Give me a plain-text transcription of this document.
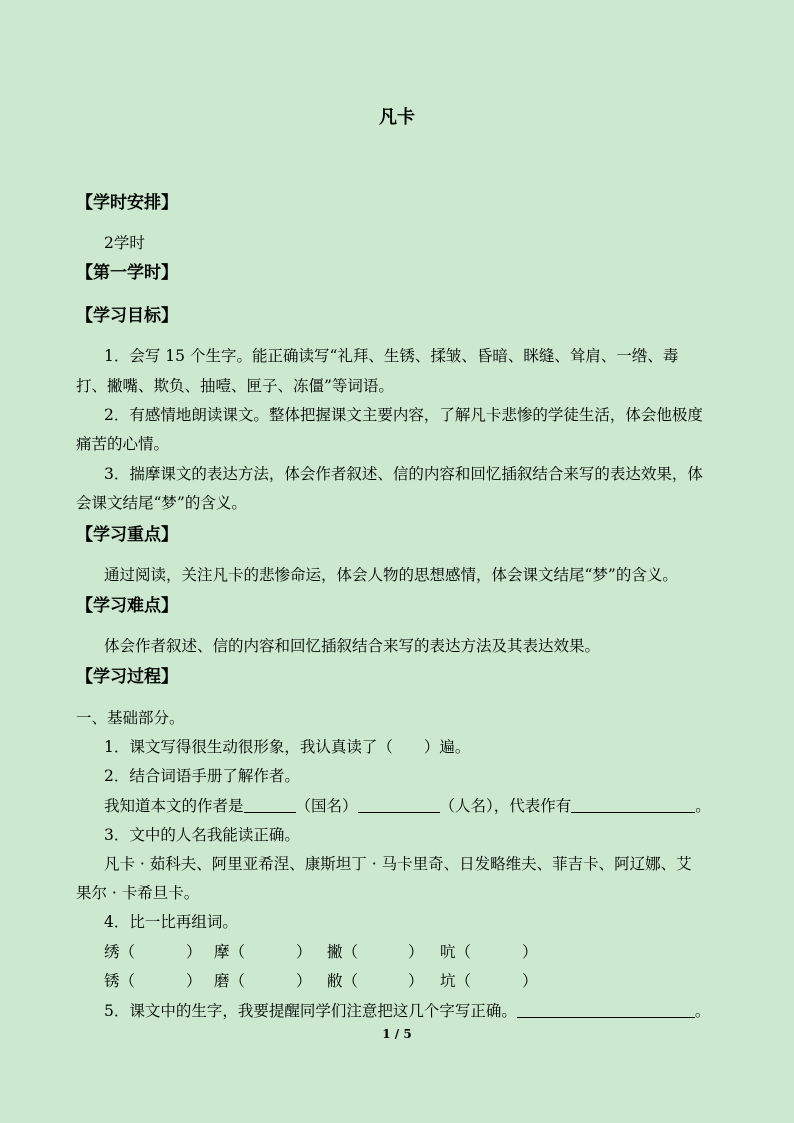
凡卡
【学时安排】
2学时
【第一学时】
【学习目标】
1．会写 15 个生字。能正确读写“礼拜、生锈、揉皱、昏暗、眯缝、耸肩、一绺、毒
打、撇嘴、欺负、抽噎、匣子、冻僵”等词语。
2．有感情地朗读课文。整体把握课文主要内容，了解凡卡悲惨的学徒生活，体会他极度
痛苦的心情。
3．揣摩课文的表达方法，体会作者叙述、信的内容和回忆插叙结合来写的表达效果，体
会课文结尾“梦”的含义。
【学习重点】
通过阅读，关注凡卡的悲惨命运，体会人物的思想感情，体会课文结尾“梦”的含义。
【学习难点】
体会作者叙述、信的内容和回忆插叙结合来写的表达方法及其表达效果。
【学习过程】
一、基础部分。
1．课文写得很生动很形象，我认真读了（　　）遍。
2．结合词语手册了解作者。
我知道本文的作者是	（国名）	（人名），代表作有	。
3．文中的人名我能读正确。
凡卡 · 茹科夫、阿里亚希涅、康斯坦丁 · 马卡里奇、日发略维夫、菲吉卡、阿辽娜、艾
果尔 · 卡希旦卡。
4．比一比再组词。
绣（	） 摩（	） 撇（	） 吭（	）
锈（	） 磨（	） 敝（	） 坑（	）
5．课文中的生字，我要提醒同学们注意把这几个字写正确。	。
1 / 5
